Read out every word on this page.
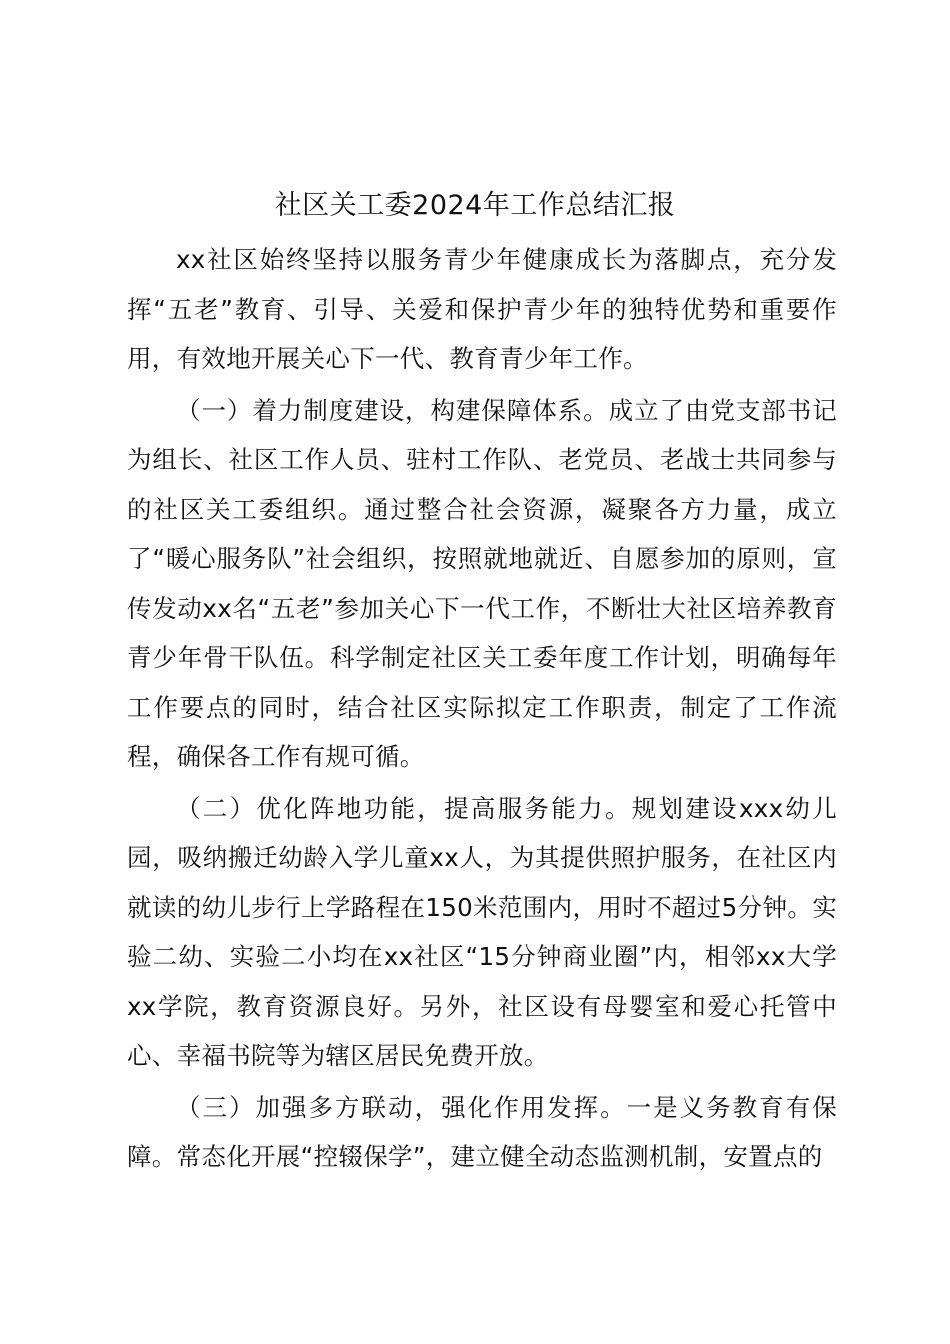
社区关工委2024年工作总结汇报

xx社区始终坚持以服务青少年健康成长为落脚点，充分发挥“五老”教育、引导、关爱和保护青少年的独特优势和重要作用，有效地开展关心下一代、教育青少年工作。

（一）着力制度建设，构建保障体系。成立了由党支部书记为组长、社区工作人员、驻村工作队、老党员、老战士共同参与的社区关工委组织。通过整合社会资源，凝聚各方力量，成立了“暖心服务队”社会组织，按照就地就近、自愿参加的原则，宣传发动xx名“五老”参加关心下一代工作，不断壮大社区培养教育青少年骨干队伍。科学制定社区关工委年度工作计划，明确每年工作要点的同时，结合社区实际拟定工作职责，制定了工作流程，确保各工作有规可循。

（二）优化阵地功能，提高服务能力。规划建设xxx幼儿园，吸纳搬迁幼龄入学儿童xx人，为其提供照护服务，在社区内就读的幼儿步行上学路程在150米范围内，用时不超过5分钟。实验二幼、实验二小均在xx社区“15分钟商业圈”内，相邻xx大学xx学院，教育资源良好。另外，社区设有母婴室和爱心托管中心、幸福书院等为辖区居民免费开放。

（三）加强多方联动，强化作用发挥。一是义务教育有保障。常态化开展“控辍保学”，建立健全动态监测机制，安置点的
